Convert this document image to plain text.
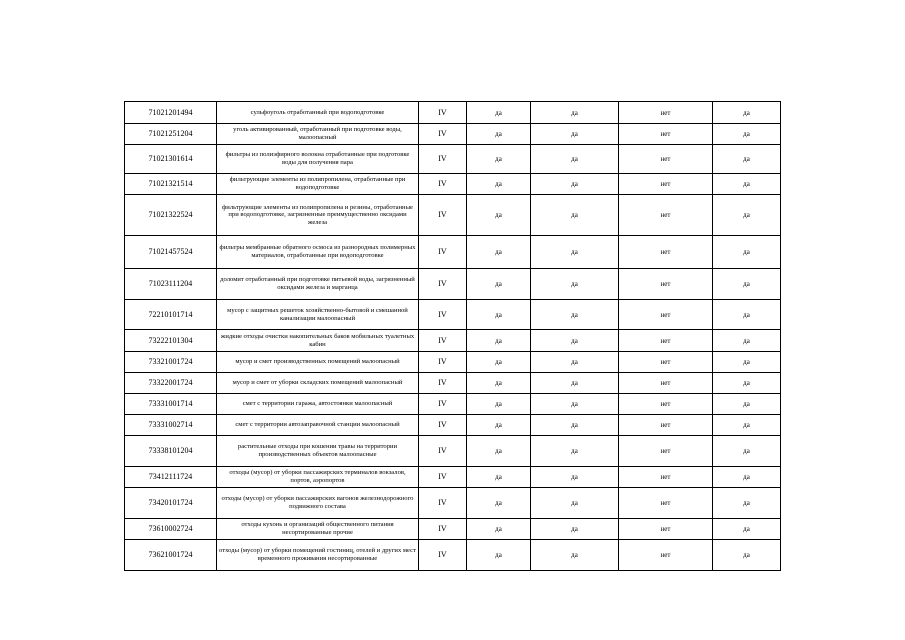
71021201494	сульфоуголь отработанный при водоподготовке	IV	да	да	нет	да
71021251204	уголь активированный, отработанный при подготовке воды, малоопасный	IV	да	да	нет	да
71021301614	фильтры из полиэфирного волокна отработанные при подготовке воды для получения пара	IV	да	да	нет	да
71021321514	фильтрующие элементы из полипропилена, отработанные при водоподготовке	IV	да	да	нет	да
71021322524	фильтрующие элементы из полипропилена и резины, отработанные при водоподготовке, загрязненные преимущественно оксидами железа	IV	да	да	нет	да
71021457524	фильтры мембранные обратного осмоса из разнородных полимерных материалов, отработанные при водоподготовке	IV	да	да	нет	да
71023111204	доломит отработанный при подготовке питьевой воды, загрязненный оксидами железа и марганца	IV	да	да	нет	да
72210101714	мусор с защитных решеток хозяйственно-бытовой и смешанной канализации малоопасный	IV	да	да	нет	да
73222101304	жидкие отходы очистки накопительных баков мобильных туалетных кабин	IV	да	да	нет	да
73321001724	мусор и смет производственных помещений малоопасный	IV	да	да	нет	да
73322001724	мусор и смет от уборки складских помещений малоопасный	IV	да	да	нет	да
73331001714	смет с территории гаража, автостоянки малоопасный	IV	да	да	нет	да
73331002714	смет с территории автозаправочной станции малоопасный	IV	да	да	нет	да
73338101204	растительные отходы при кошении травы на территории производственных объектов малоопасные	IV	да	да	нет	да
73412111724	отходы (мусор) от уборки пассажирских терминалов вокзалов, портов, аэропортов	IV	да	да	нет	да
73420101724	отходы (мусор) от уборки пассажирских вагонов железнодорожного подвижного состава	IV	да	да	нет	да
73610002724	отходы кухонь и организаций общественного питания несортированные прочие	IV	да	да	нет	да
73621001724	отходы (мусор) от уборки помещений гостиниц, отелей и других мест временного проживания несортированные	IV	да	да	нет	да
